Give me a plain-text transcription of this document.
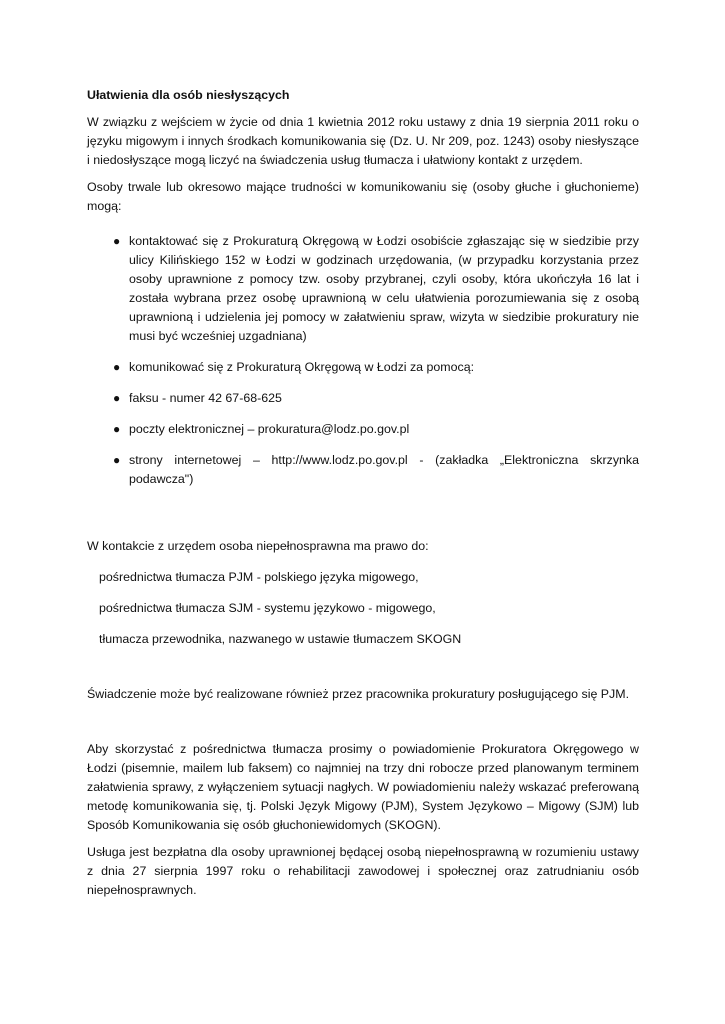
Ułatwienia dla osób niesłyszących

W związku z wejściem w życie od dnia 1 kwietnia 2012 roku ustawy z dnia 19 sierpnia 2011 roku o języku migowym i innych środkach komunikowania się (Dz. U. Nr 209, poz. 1243) osoby niesłyszące i niedosłyszące mogą liczyć na świadczenia usług tłumacza i ułatwiony kontakt z urzędem.

Osoby trwale lub okresowo mające trudności w komunikowaniu się (osoby głuche i głuchonieme) mogą:

● kontaktować się z Prokuraturą Okręgową w Łodzi osobiście zgłaszając się w siedzibie przy ulicy Kilińskiego 152 w Łodzi w godzinach urzędowania, (w przypadku korzystania przez osoby uprawnione z pomocy tzw. osoby przybranej, czyli osoby, która ukończyła 16 lat i została wybrana przez osobę uprawnioną w celu ułatwienia porozumiewania się z osobą uprawnioną i udzielenia jej pomocy w załatwieniu spraw, wizyta w siedzibie prokuratury nie musi być wcześniej uzgadniana)
● komunikować się z Prokuraturą Okręgową w Łodzi za pomocą:
● faksu - numer 42 67-68-625
● poczty elektronicznej – prokuratura@lodz.po.gov.pl
● strony internetowej – http://www.lodz.po.gov.pl - (zakładka „Elektroniczna skrzynka podawcza")

W kontakcie z urzędem osoba niepełnosprawna ma prawo do:

pośrednictwa tłumacza PJM - polskiego języka migowego,
pośrednictwa tłumacza SJM - systemu językowo - migowego,
tłumacza przewodnika, nazwanego w ustawie tłumaczem SKOGN

Świadczenie może być realizowane również przez pracownika prokuratury posługującego się PJM.

Aby skorzystać z pośrednictwa tłumacza prosimy o powiadomienie Prokuratora Okręgowego w Łodzi (pisemnie, mailem lub faksem) co najmniej na trzy dni robocze przed planowanym terminem załatwienia sprawy, z wyłączeniem sytuacji nagłych. W powiadomieniu należy wskazać preferowaną metodę komunikowania się, tj. Polski Język Migowy (PJM), System Językowo – Migowy (SJM) lub Sposób Komunikowania się osób głuchoniewidomych (SKOGN).

Usługa jest bezpłatna dla osoby uprawnionej będącej osobą niepełnosprawną w rozumieniu ustawy z dnia 27 sierpnia 1997 roku o rehabilitacji zawodowej i społecznej oraz zatrudnianiu osób niepełnosprawnych.
